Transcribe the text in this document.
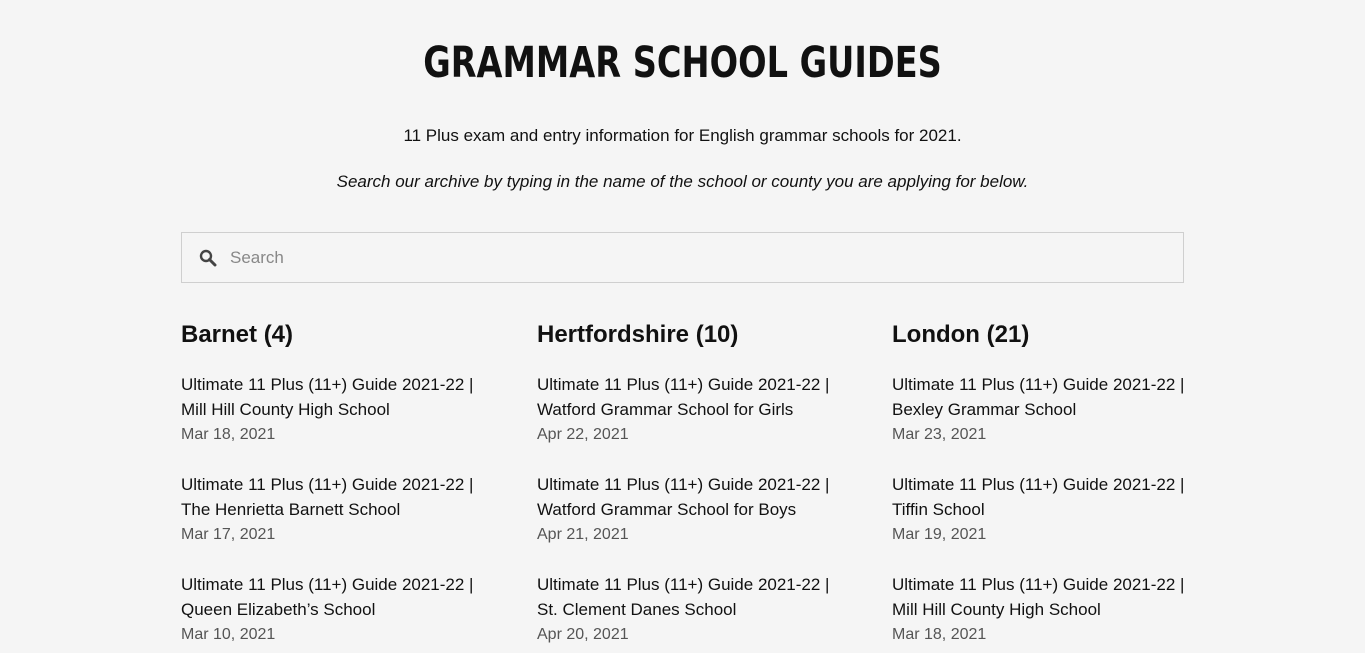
GRAMMAR SCHOOL GUIDES

11 Plus exam and entry information for English grammar schools for 2021.

Search our archive by typing in the name of the school or county you are applying for below.

Search
Barnet (4)
Ultimate 11 Plus (11+) Guide 2021-22 |
Mill Hill County High School
Mar 18, 2021
Ultimate 11 Plus (11+) Guide 2021-22 |
The Henrietta Barnett School
Mar 17, 2021
Ultimate 11 Plus (11+) Guide 2021-22 |
Queen Elizabeth’s School
Mar 10, 2021
Hertfordshire (10)
Ultimate 11 Plus (11+) Guide 2021-22 |
Watford Grammar School for Girls
Apr 22, 2021
Ultimate 11 Plus (11+) Guide 2021-22 |
Watford Grammar School for Boys
Apr 21, 2021
Ultimate 11 Plus (11+) Guide 2021-22 |
St. Clement Danes School
Apr 20, 2021
London (21)
Ultimate 11 Plus (11+) Guide 2021-22 |
Bexley Grammar School
Mar 23, 2021
Ultimate 11 Plus (11+) Guide 2021-22 |
Tiffin School
Mar 19, 2021
Ultimate 11 Plus (11+) Guide 2021-22 |
Mill Hill County High School
Mar 18, 2021
